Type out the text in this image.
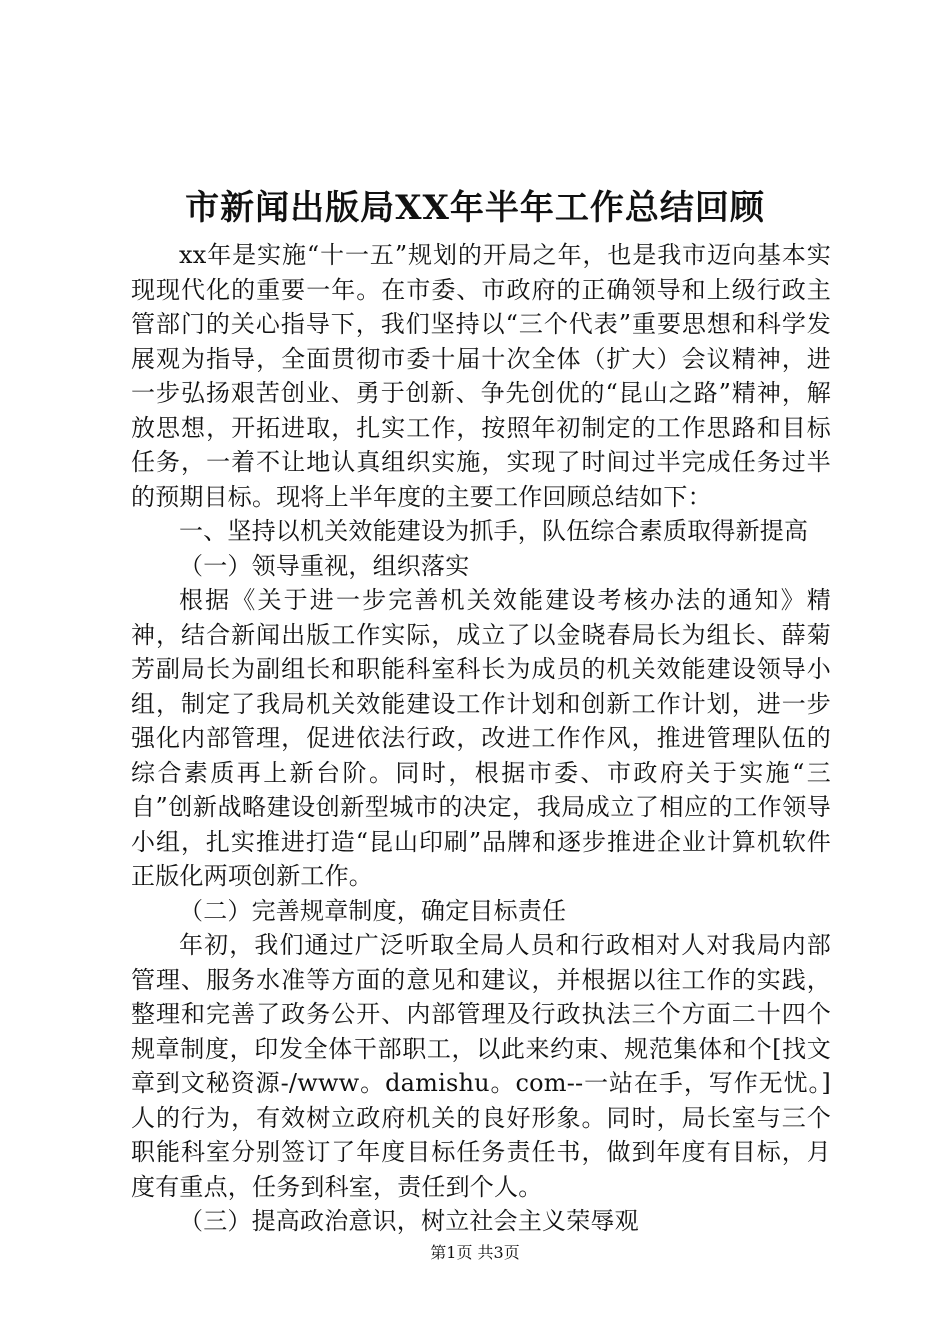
市新闻出版局XX年半年工作总结回顾

xx年是实施“十一五”规划的开局之年，也是我市迈向基本实现现代化的重要一年。在市委、市政府的正确领导和上级行政主管部门的关心指导下，我们坚持以“三个代表”重要思想和科学发展观为指导，全面贯彻市委十届十次全体（扩大）会议精神，进一步弘扬艰苦创业、勇于创新、争先创优的“昆山之路”精神，解放思想，开拓进取，扎实工作，按照年初制定的工作思路和目标任务，一着不让地认真组织实施，实现了时间过半完成任务过半的预期目标。现将上半年度的主要工作回顾总结如下：

一、坚持以机关效能建设为抓手，队伍综合素质取得新提高

（一）领导重视，组织落实

根据《关于进一步完善机关效能建设考核办法的通知》精神，结合新闻出版工作实际，成立了以金晓春局长为组长、薛菊芳副局长为副组长和职能科室科长为成员的机关效能建设领导小组，制定了我局机关效能建设工作计划和创新工作计划，进一步强化内部管理，促进依法行政，改进工作作风，推进管理队伍的综合素质再上新台阶。同时，根据市委、市政府关于实施“三自”创新战略建设创新型城市的决定，我局成立了相应的工作领导小组，扎实推进打造“昆山印刷”品牌和逐步推进企业计算机软件正版化两项创新工作。

（二）完善规章制度，确定目标责任

年初，我们通过广泛听取全局人员和行政相对人对我局内部管理、服务水准等方面的意见和建议，并根据以往工作的实践，整理和完善了政务公开、内部管理及行政执法三个方面二十四个规章制度，印发全体干部职工，以此来约束、规范集体和个[找文章到文秘资源-/www。damishu。com--一站在手，写作无忧。]人的行为，有效树立政府机关的良好形象。同时，局长室与三个职能科室分别签订了年度目标任务责任书，做到年度有目标，月度有重点，任务到科室，责任到个人。

（三）提高政治意识，树立社会主义荣辱观

第1页 共3页
